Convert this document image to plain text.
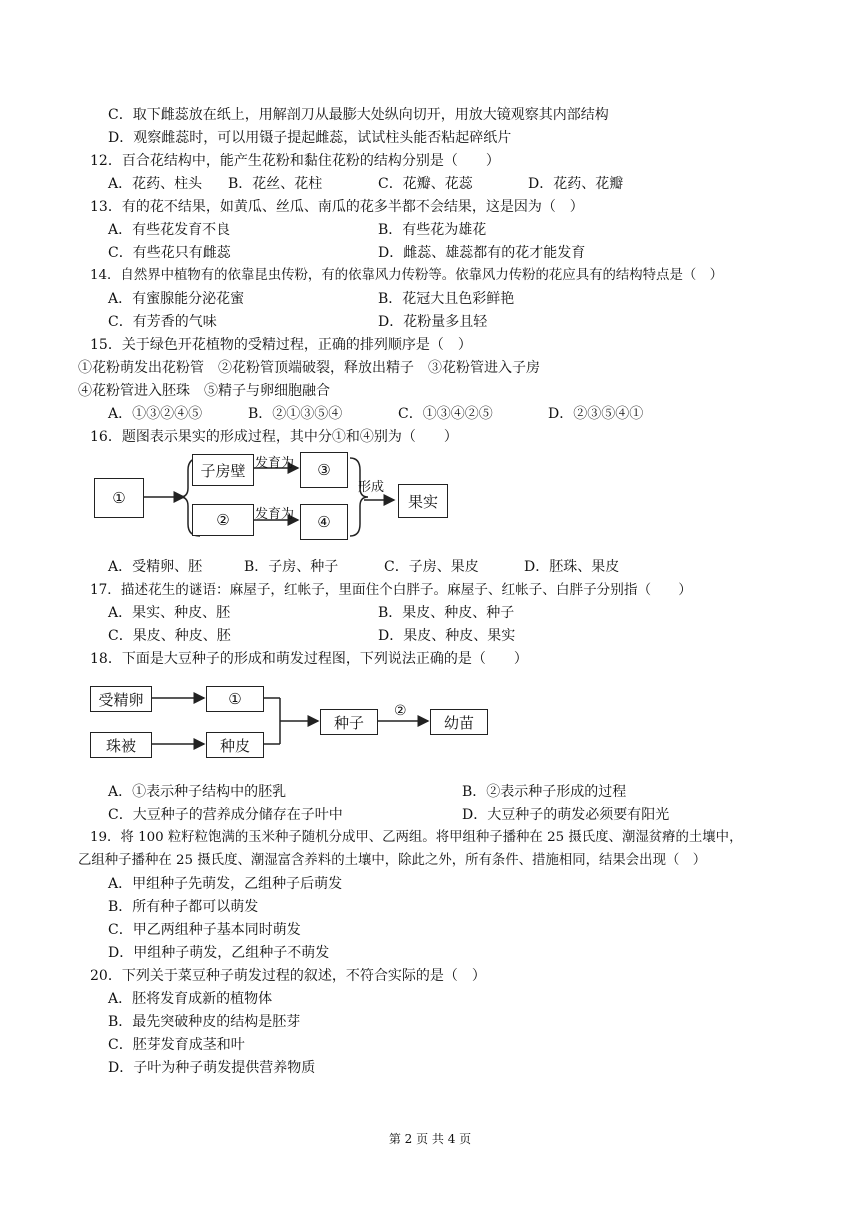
C．取下雌蕊放在纸上，用解剖刀从最膨大处纵向切开，用放大镜观察其内部结构
D．观察雌蕊时，可以用镊子提起雌蕊，试试柱头能否粘起碎纸片
12．百合花结构中，能产生花粉和黏住花粉的结构分别是（　　）
A．花药、柱头 B．花丝、花柱	C．花瓣、花蕊	D．花药、花瓣
13．有的花不结果，如黄瓜、丝瓜、南瓜的花多半都不会结果，这是因为（　）
A．有些花发育不良	B．有些花为雄花
C．有些花只有雌蕊	D．雌蕊、雄蕊都有的花才能发育
14．自然界中植物有的依靠昆虫传粉，有的依靠风力传粉等。依靠风力传粉的花应具有的结构特点是（　）
A．有蜜腺能分泌花蜜	B．花冠大且色彩鲜艳
C．有芳香的气味	D．花粉量多且轻
15．关于绿色开花植物的受精过程，正确的排列顺序是（　）
①花粉萌发出花粉管　②花粉管顶端破裂，释放出精子　③花粉管进入子房
④花粉管进入胚珠　⑤精子与卵细胞融合
A．①③②④⑤	B．②①③⑤④	C．①③④②⑤	D．②③⑤④①
16．题图表示果实的形成过程，其中分①和④别为（　　）
①
子房壁	③
②	④
果实
发育为
发育为
形成
A．受精卵、胚	B．子房、种子	C．子房、果皮	D．胚珠、果皮
17．描述花生的谜语：麻屋子，红帐子，里面住个白胖子。麻屋子、红帐子、白胖子分别指（　　）
A．果实、种皮、胚	B．果皮、种皮、种子
C．果皮、种皮、胚	D．果皮、种皮、果实
18．下面是大豆种子的形成和萌发过程图，下列说法正确的是（　　）
受精卵	①
珠被	种皮
种子	幼苗
②
A．①表示种子结构中的胚乳	B．②表示种子形成的过程
C．大豆种子的营养成分储存在子叶中	D．大豆种子的萌发必须要有阳光
19．将 100 粒籽粒饱满的玉米种子随机分成甲、乙两组。将甲组种子播种在 25 摄氏度、潮湿贫瘠的土壤中，
乙组种子播种在 25 摄氏度、潮湿富含养料的土壤中，除此之外，所有条件、措施相同，结果会出现（　）
A．甲组种子先萌发，乙组种子后萌发
B．所有种子都可以萌发
C．甲乙两组种子基本同时萌发
D．甲组种子萌发，乙组种子不萌发
20．下列关于菜豆种子萌发过程的叙述，不符合实际的是（　）
A．胚将发育成新的植物体
B．最先突破种皮的结构是胚芽
C．胚芽发育成茎和叶
D．子叶为种子萌发提供营养物质
第 2 页 共 4 页
